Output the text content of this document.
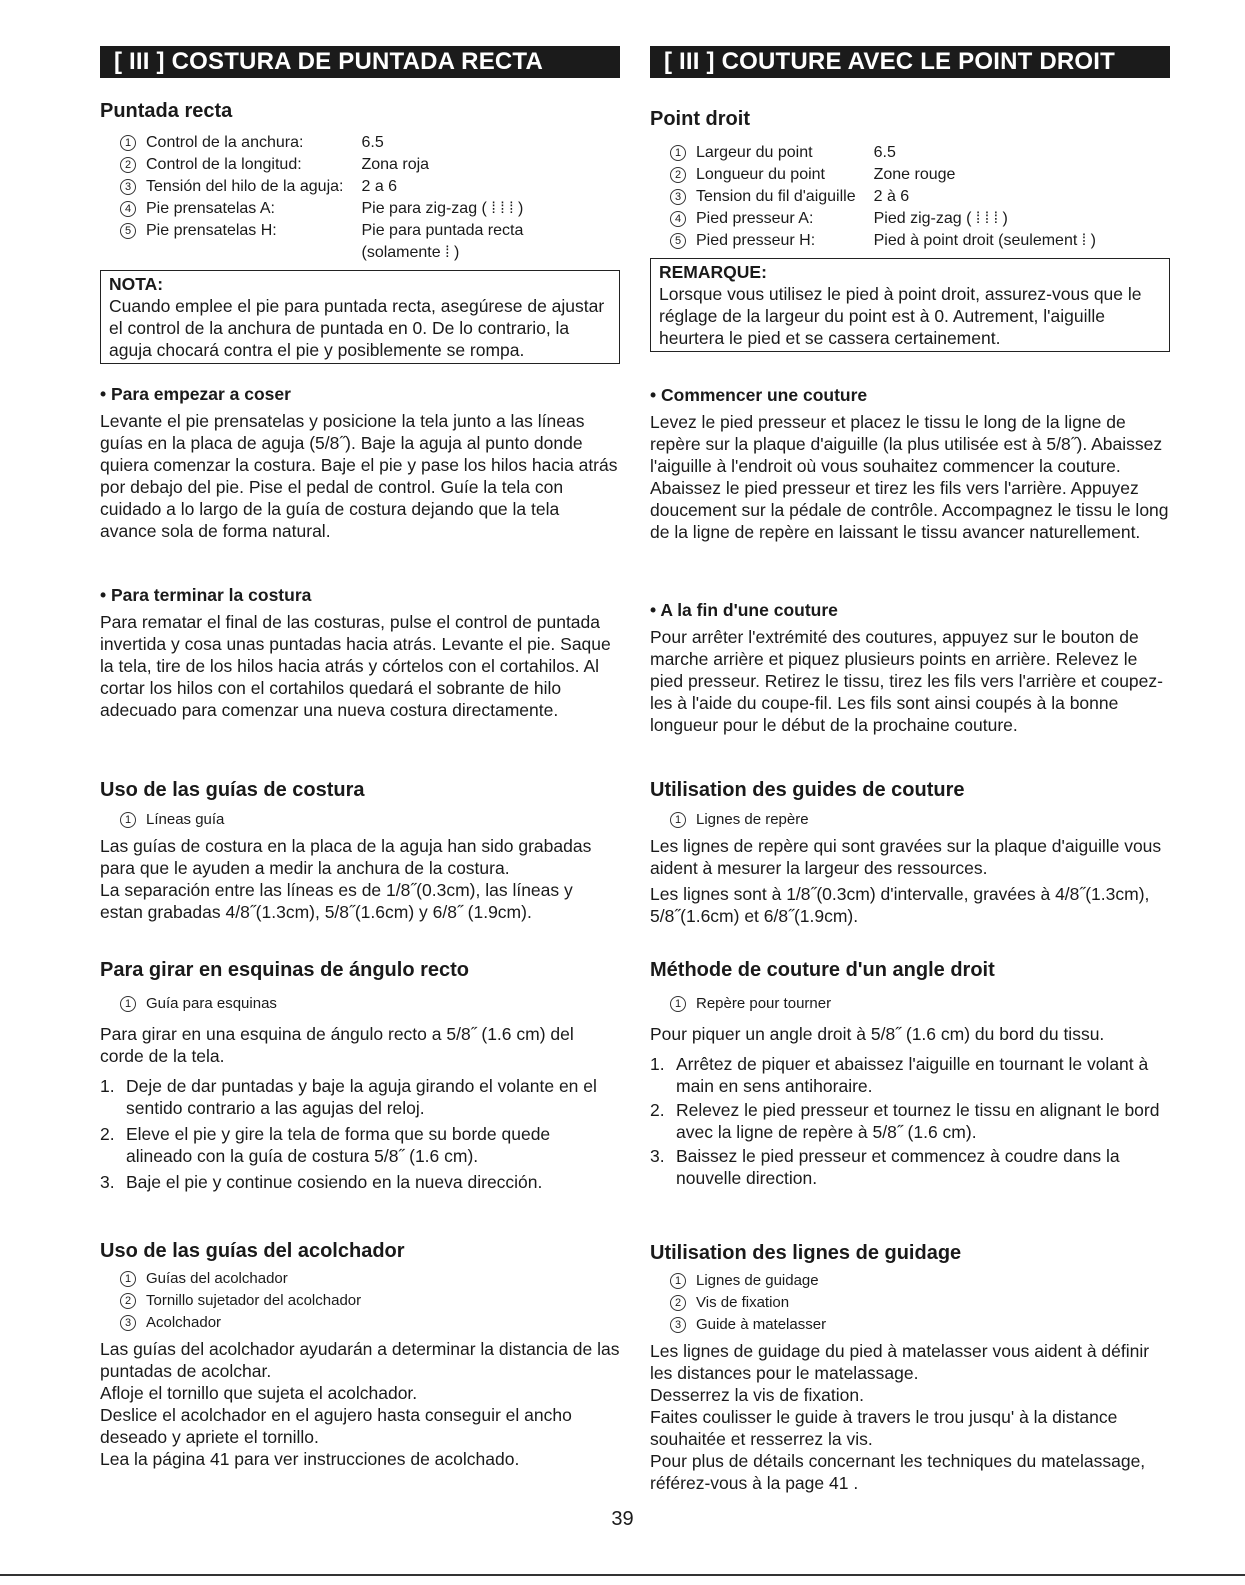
[ III ] COSTURA DE PUNTADA RECTA
Puntada recta
1 Control de la anchura:	6.5
2 Control de la longitud:	Zona roja
3 Tensión del hilo de la aguja:	2 a 6
4 Pie prensatelas A:	Pie para zig-zag ( ⁞ ⁞ ⁞ )
5 Pie prensatelas H:	Pie para puntada recta (solamente ⁞ )
NOTA:

Cuando emplee el pie para puntada recta, asegúrese de ajustar el control de la anchura de puntada en 0. De lo contrario, la aguja chocará contra el pie y posiblemente se rompa.

• Para empezar a coser

Levante el pie prensatelas y posicione la tela junto a las líneas guías en la placa de aguja (5/8˝). Baje la aguja al punto donde quiera comenzar la costura. Baje el pie y pase los hilos hacia atrás por debajo del pie. Pise el pedal de control. Guíe la tela con cuidado a lo largo de la guía de costura dejando que la tela avance sola de forma natural.

• Para terminar la costura

Para rematar el final de las costuras, pulse el control de puntada invertida y cosa unas puntadas hacia atrás. Levante el pie. Saque la tela, tire de los hilos hacia atrás y córtelos con el cortahilos. Al cortar los hilos con el cortahilos quedará el sobrante de hilo adecuado para comenzar una nueva costura directamente.

Uso de las guías de costura
1 Líneas guía

Las guías de costura en la placa de la aguja han sido grabadas para que le ayuden a medir la anchura de la costura.

La separación entre las líneas es de 1/8˝(0.3cm), las líneas y estan grabadas 4/8˝(1.3cm), 5/8˝(1.6cm) y 6/8˝ (1.9cm).

Para girar en esquinas de ángulo recto
1 Guía para esquinas

Para girar en una esquina de ángulo recto a 5/8˝ (1.6 cm) del corde de la tela.

1. Deje de dar puntadas y baje la aguja girando el volante en el sentido contrario a las agujas del reloj.
2. Eleve el pie y gire la tela de forma que su borde quede alineado con la guía de costura 5/8˝ (1.6 cm).
3. Baje el pie y continue cosiendo en la nueva dirección.
Uso de las guías del acolchador
1 Guías del acolchador
2 Tornillo sujetador del acolchador
3 Acolchador

Las guías del acolchador ayudarán a determinar la distancia de las puntadas de acolchar.

Afloje el tornillo que sujeta el acolchador.

Deslice el acolchador en el agujero hasta conseguir el ancho deseado y apriete el tornillo.

Lea la página 41 para ver instrucciones de acolchado.

[ III ] COUTURE AVEC LE POINT DROIT
Point droit
1 Largeur du point	6.5
2 Longueur du point	Zone rouge
3 Tension du fil d'aiguille	2 à 6
4 Pied presseur A:	Pied zig-zag ( ⁞ ⁞ ⁞ )
5 Pied presseur H:	Pied à point droit (seulement ⁞ )
REMARQUE:

Lorsque vous utilisez le pied à point droit, assurez-vous que le réglage de la largeur du point est à 0. Autrement, l'aiguille heurtera le pied et se cassera certainement.

• Commencer une couture

Levez le pied presseur et placez le tissu le long de la ligne de repère sur la plaque d'aiguille (la plus utilisée est à 5/8˝). Abaissez l'aiguille à l'endroit où vous souhaitez commencer la couture. Abaissez le pied presseur et tirez les fils vers l'arrière. Appuyez doucement sur la pédale de contrôle. Accompagnez le tissu le long de la ligne de repère en laissant le tissu avancer naturellement.

• A la fin d'une couture

Pour arrêter l'extrémité des coutures, appuyez sur le bouton de marche arrière et piquez plusieurs points en arrière. Relevez le pied presseur. Retirez le tissu, tirez les fils vers l'arrière et coupez-les à l'aide du coupe-fil. Les fils sont ainsi coupés à la bonne longueur pour le début de la prochaine couture.

Utilisation des guides de couture
1 Lignes de repère

Les lignes de repère qui sont gravées sur la plaque d'aiguille vous aident à mesurer la largeur des ressources.

Les lignes sont à 1/8˝(0.3cm) d'intervalle, gravées à 4/8˝(1.3cm), 5/8˝(1.6cm) et 6/8˝(1.9cm).

Méthode de couture d'un angle droit
1 Repère pour tourner

Pour piquer un angle droit à 5/8˝ (1.6 cm) du bord du tissu.

1. Arrêtez de piquer et abaissez l'aiguille en tournant le volant à main en sens antihoraire.
2. Relevez le pied presseur et tournez le tissu en alignant le bord avec la ligne de repère à 5/8˝ (1.6 cm).
3. Baissez le pied presseur et commencez à coudre dans la nouvelle direction.
Utilisation des lignes de guidage
1 Lignes de guidage
2 Vis de fixation
3 Guide à matelasser

Les lignes de guidage du pied à matelasser vous aident à définir les distances pour le matelassage.

Desserrez la vis de fixation.

Faites coulisser le guide à travers le trou jusqu' à la distance souhaitée et resserrez la vis.

Pour plus de détails concernant les techniques du matelassage, référez-vous à la page 41 .

39
